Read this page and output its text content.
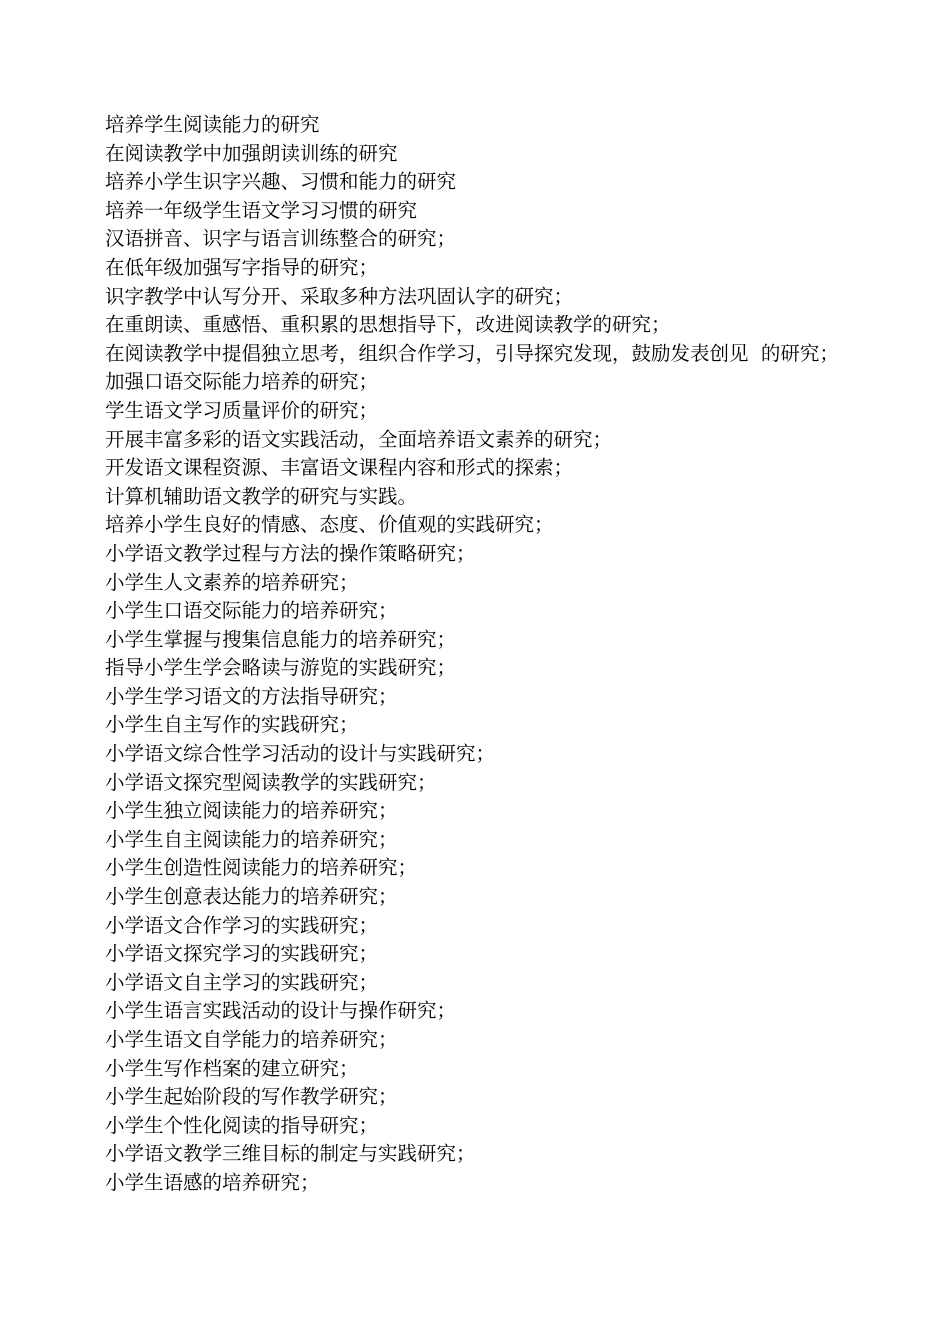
培养学生阅读能力的研究

在阅读教学中加强朗读训练的研究

培养小学生识字兴趣、习惯和能力的研究

培养一年级学生语文学习习惯的研究

汉语拼音、识字与语言训练整合的研究；

在低年级加强写字指导的研究；

识字教学中认写分开、采取多种方法巩固认字的研究；

在重朗读、重感悟、重积累的思想指导下，改进阅读教学的研究；

在阅读教学中提倡独立思考，组织合作学习，引导探究发现，鼓励发表创见  的研究；

加强口语交际能力培养的研究；

学生语文学习质量评价的研究；

开展丰富多彩的语文实践活动，全面培养语文素养的研究；

开发语文课程资源、丰富语文课程内容和形式的探索；

计算机辅助语文教学的研究与实践。

培养小学生良好的情感、态度、价值观的实践研究；

小学语文教学过程与方法的操作策略研究；

小学生人文素养的培养研究；

小学生口语交际能力的培养研究；

小学生掌握与搜集信息能力的培养研究；

指导小学生学会略读与游览的实践研究；

小学生学习语文的方法指导研究；

小学生自主写作的实践研究；

小学语文综合性学习活动的设计与实践研究；

小学语文探究型阅读教学的实践研究；

小学生独立阅读能力的培养研究；

小学生自主阅读能力的培养研究；

小学生创造性阅读能力的培养研究；

小学生创意表达能力的培养研究；

小学语文合作学习的实践研究；

小学语文探究学习的实践研究；

小学语文自主学习的实践研究；

小学生语言实践活动的设计与操作研究；

小学生语文自学能力的培养研究；

小学生写作档案的建立研究；

小学生起始阶段的写作教学研究；

小学生个性化阅读的指导研究；

小学语文教学三维目标的制定与实践研究；

小学生语感的培养研究；
